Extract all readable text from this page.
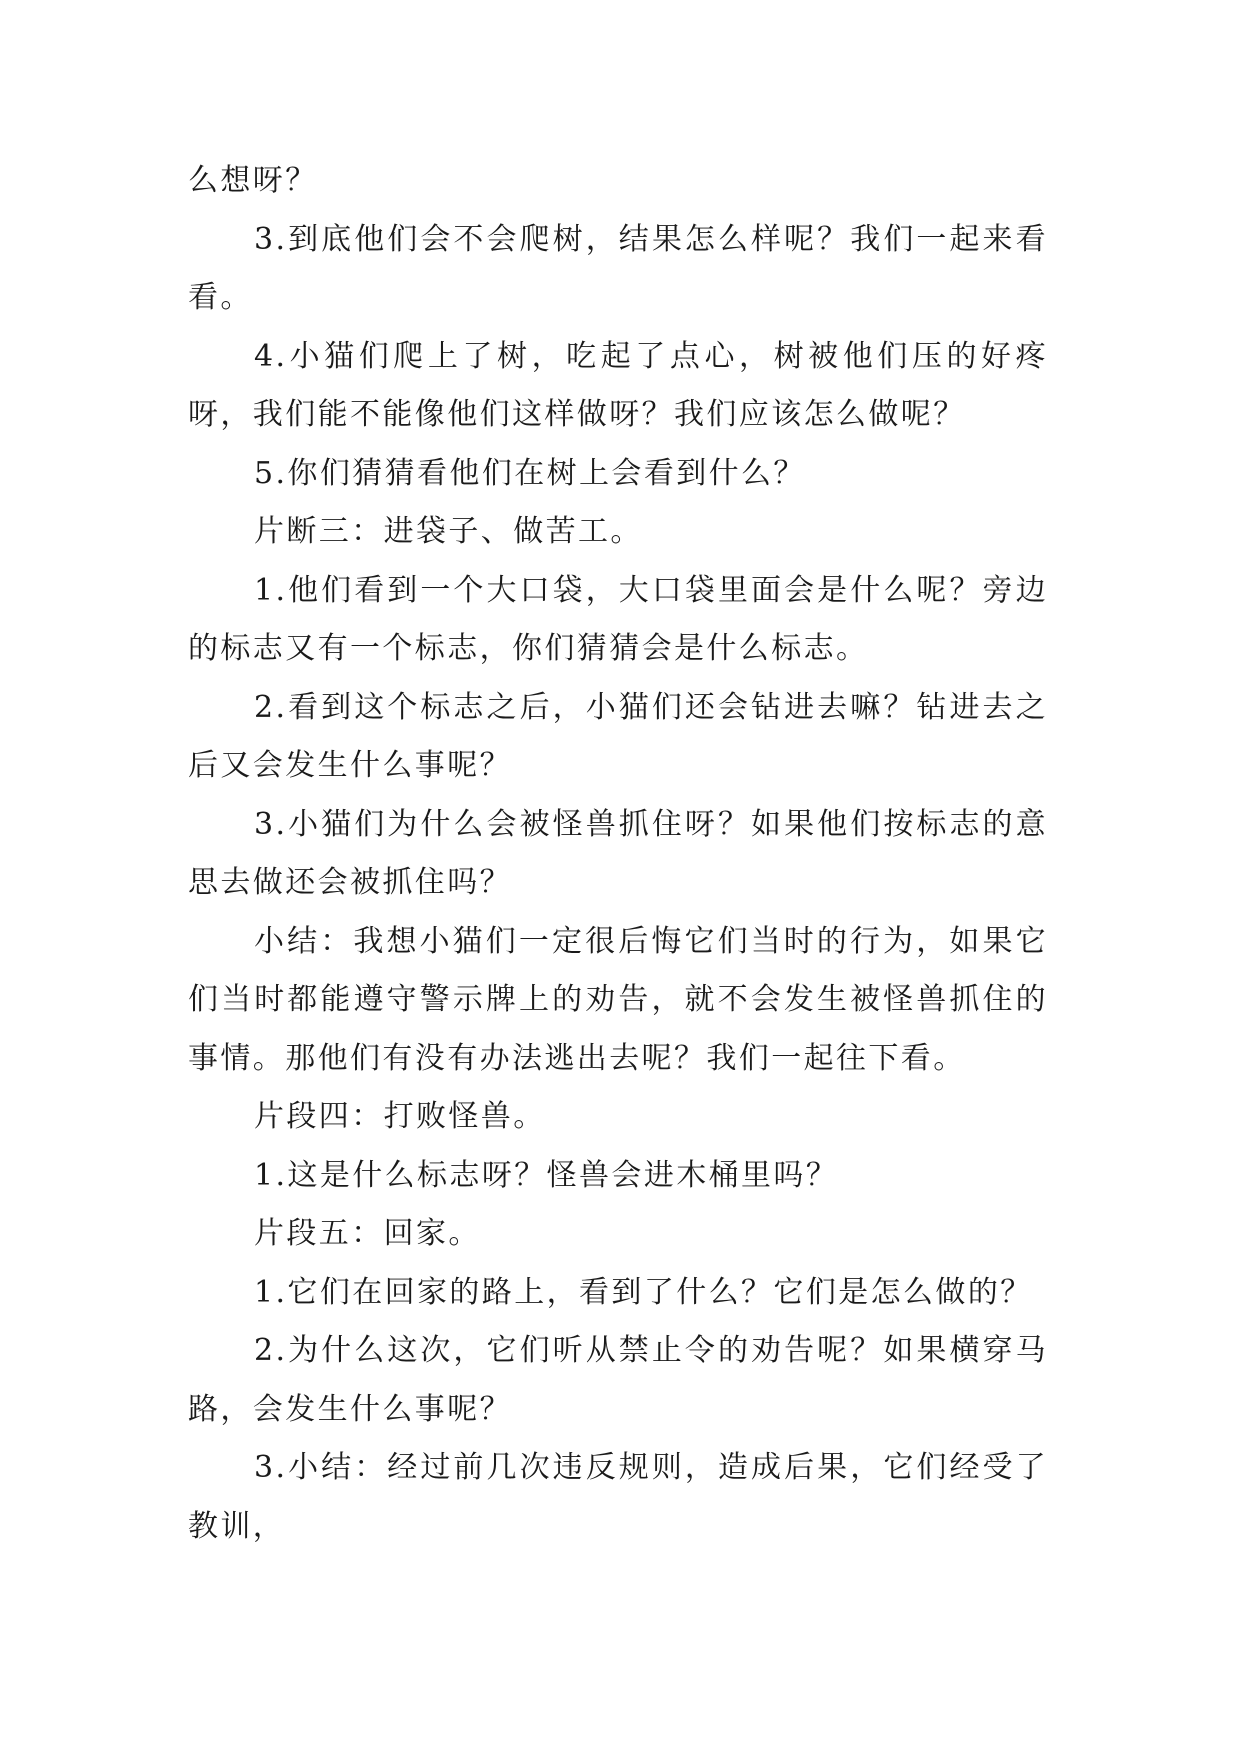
么想呀？

3.到底他们会不会爬树，结果怎么样呢？我们一起来看看。

4.小猫们爬上了树，吃起了点心，树被他们压的好疼呀，我们能不能像他们这样做呀？我们应该怎么做呢？

5.你们猜猜看他们在树上会看到什么？

片断三：进袋子、做苦工。

1.他们看到一个大口袋，大口袋里面会是什么呢？旁边的标志又有一个标志，你们猜猜会是什么标志。

2.看到这个标志之后，小猫们还会钻进去嘛？钻进去之后又会发生什么事呢？

3.小猫们为什么会被怪兽抓住呀？如果他们按标志的意思去做还会被抓住吗？

小结：我想小猫们一定很后悔它们当时的行为，如果它们当时都能遵守警示牌上的劝告，就不会发生被怪兽抓住的事情。那他们有没有办法逃出去呢？我们一起往下看。

片段四：打败怪兽。

1.这是什么标志呀？怪兽会进木桶里吗？

片段五：回家。

1.它们在回家的路上，看到了什么？它们是怎么做的？

2.为什么这次，它们听从禁止令的劝告呢？如果横穿马路，会发生什么事呢？

3.小结：经过前几次违反规则，造成后果，它们经受了教训，
